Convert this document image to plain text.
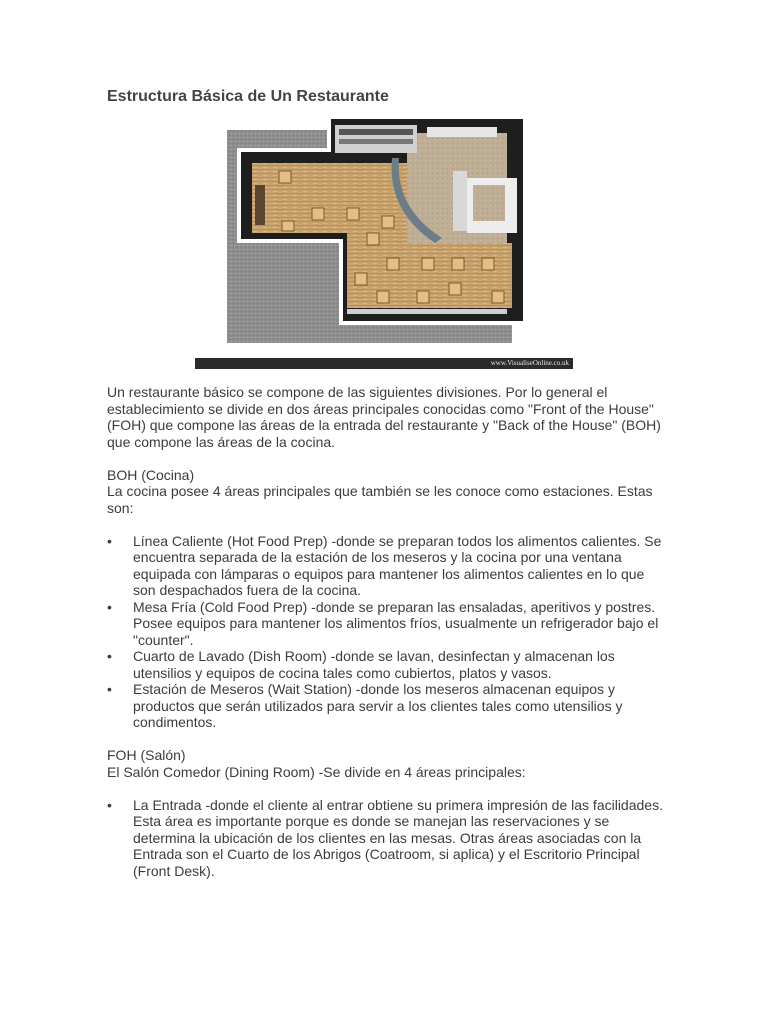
Estructura Básica de Un Restaurante
www.VisualiseOnline.co.uk

Un restaurante básico se compone de las siguientes divisiones. Por lo general el establecimiento se divide en dos áreas principales conocidas como "Front of the House" (FOH) que compone las áreas de la entrada del restaurante y "Back of the House" (BOH) que compone las áreas de la cocina.

BOH (Cocina)

La cocina posee 4 áreas principales que también se les conoce como estaciones. Estas son:

• Línea Caliente (Hot Food Prep) -donde se preparan todos los alimentos calientes. Se encuentra separada de la estación de los meseros y la cocina por una ventana equipada con lámparas o equipos para mantener los alimentos calientes en lo que son despachados fuera de la cocina.
• Mesa Fría (Cold Food Prep) -donde se preparan las ensaladas, aperitivos y postres. Posee equipos para mantener los alimentos fríos, usualmente un refrigerador bajo el "counter".
• Cuarto de Lavado (Dish Room) -donde se lavan, desinfectan y almacenan los utensilios y equipos de cocina tales como cubiertos, platos y vasos.
• Estación de Meseros (Wait Station) -donde los meseros almacenan equipos y productos que serán utilizados para servir a los clientes tales como utensilios y condimentos.

FOH (Salón)

El Salón Comedor (Dining Room) -Se divide en 4 áreas principales:

• La Entrada -donde el cliente al entrar obtiene su primera impresión de las facilidades. Esta área es importante porque es donde se manejan las reservaciones y se determina la ubicación de los clientes en las mesas. Otras áreas asociadas con la Entrada son el Cuarto de los Abrigos (Coatroom, si aplica) y el Escritorio Principal (Front Desk).
